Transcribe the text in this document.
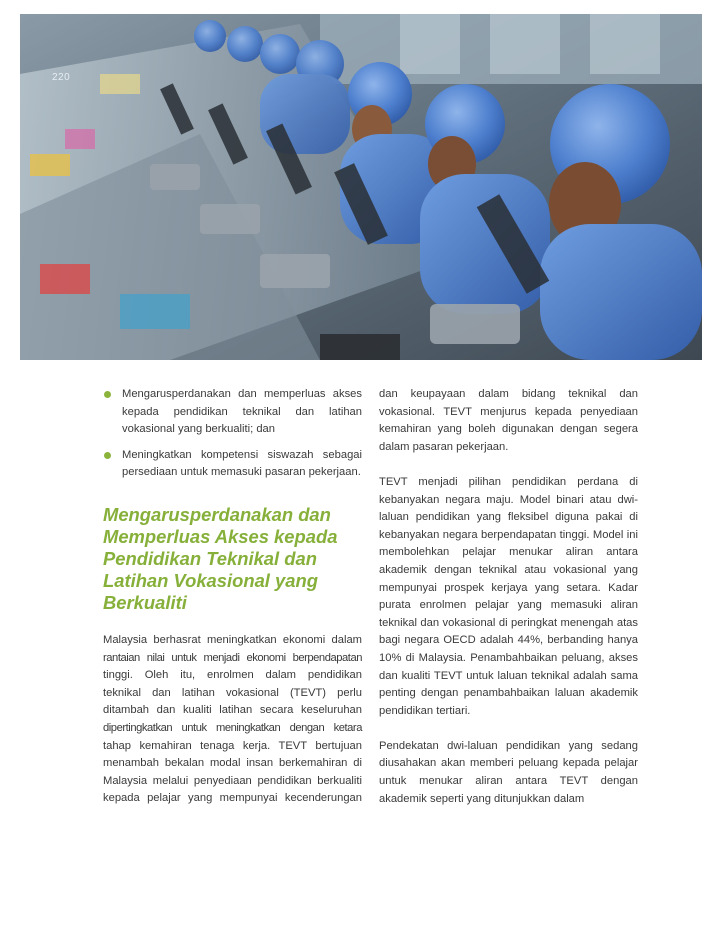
220
Mengarusperdanakan dan memperluas akses kepada pendidikan teknikal dan latihan vokasional yang berkualiti; dan
Meningkatkan kompetensi siswazah sebagai persediaan untuk memasuki pasaran pekerjaan.
Mengarusperdanakan dan Memperluas Akses kepada Pendidikan Teknikal dan Latihan Vokasional yang Berkualiti

Malaysia berhasrat meningkatkan ekonomi dalam
rantaian nilai untuk menjadi ekonomi berpendapatan
tinggi. Oleh itu, enrolmen dalam pendidikan
teknikal dan latihan vokasional (TEVT) perlu
ditambah dan kualiti latihan secara keseluruhan
dipertingkatkan untuk meningkatkan dengan ketara
tahap kemahiran tenaga kerja. TEVT bertujuan
menambah bekalan modal insan berkemahiran di
Malaysia melalui penyediaan pendidikan berkualiti
kepada pelajar yang mempunyai kecenderungan

dan keupayaan dalam bidang teknikal dan vokasional. TEVT menjurus kepada penyediaan kemahiran yang boleh digunakan dengan segera dalam pasaran pekerjaan.

TEVT menjadi pilihan pendidikan perdana di kebanyakan negara maju. Model binari atau dwi-laluan pendidikan yang fleksibel diguna pakai di kebanyakan negara berpendapatan tinggi. Model ini membolehkan pelajar menukar aliran antara akademik dengan teknikal atau vokasional yang mempunyai prospek kerjaya yang setara. Kadar purata enrolmen pelajar yang memasuki aliran teknikal dan vokasional di peringkat menengah atas bagi negara OECD adalah 44%, berbanding hanya 10% di Malaysia. Penambahbaikan peluang, akses dan kualiti TEVT untuk laluan teknikal adalah sama penting dengan penambahbaikan laluan akademik pendidikan tertiari.

Pendekatan dwi-laluan pendidikan yang sedang diusahakan akan memberi peluang kepada pelajar untuk menukar aliran antara TEVT dengan akademik seperti yang ditunjukkan dalam
